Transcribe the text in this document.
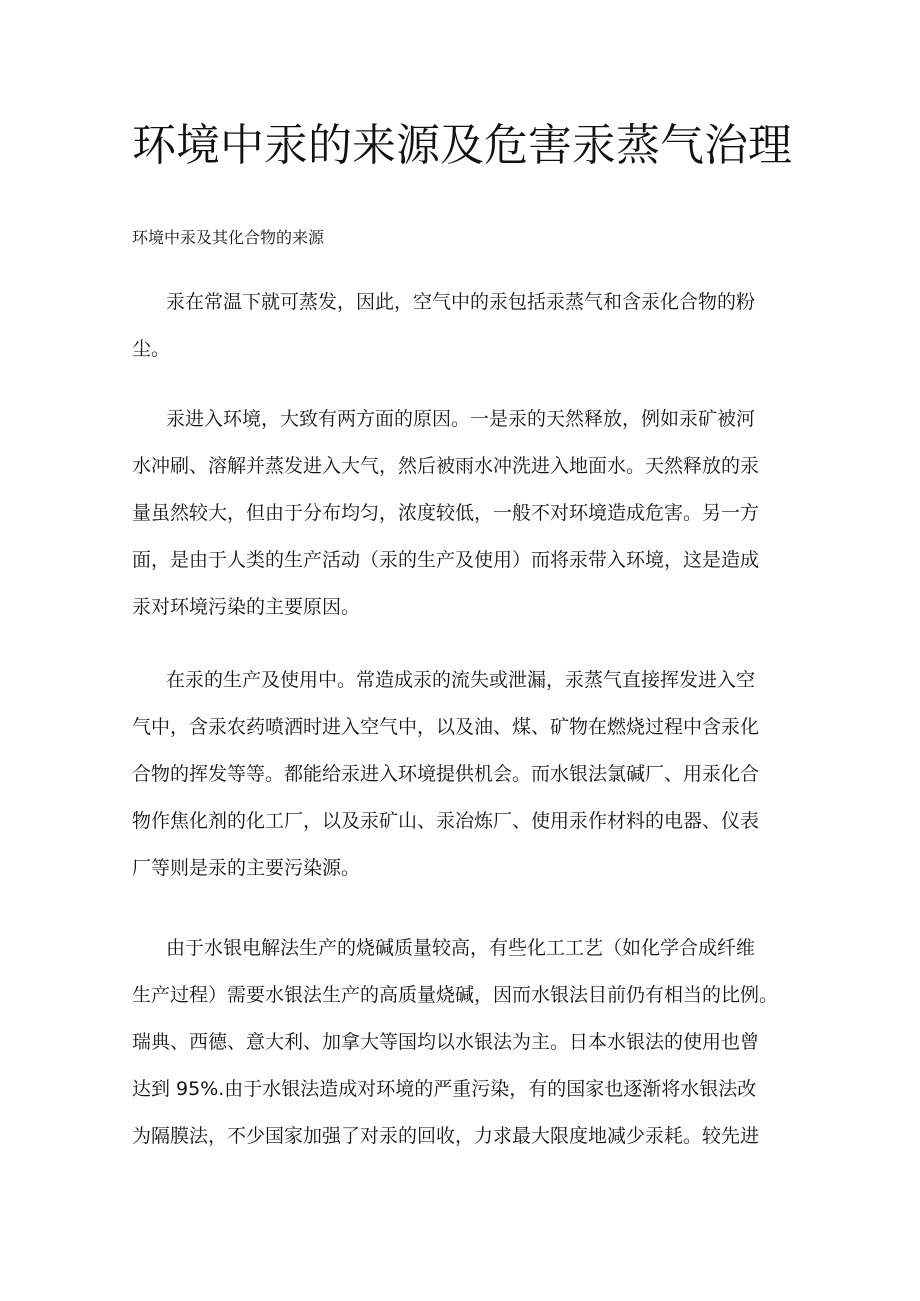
环境中汞的来源及危害汞蒸气治理

环境中汞及其化合物的来源

汞在常温下就可蒸发，因此，空气中的汞包括汞蒸气和含汞化合物的粉
尘。

汞进入环境，大致有两方面的原因。一是汞的天然释放，例如汞矿被河
水冲刷、溶解并蒸发进入大气，然后被雨水冲洗进入地面水。天然释放的汞
量虽然较大，但由于分布均匀，浓度较低，一般不对环境造成危害。另一方
面，是由于人类的生产活动（汞的生产及使用）而将汞带入环境，这是造成
汞对环境污染的主要原因。

在汞的生产及使用中。常造成汞的流失或泄漏，汞蒸气直接挥发进入空
气中，含汞农药喷洒时进入空气中，以及油、煤、矿物在燃烧过程中含汞化
合物的挥发等等。都能给汞进入环境提供机会。而水银法氯碱厂、用汞化合
物作焦化剂的化工厂，以及汞矿山、汞冶炼厂、使用汞作材料的电器、仪表
厂等则是汞的主要污染源。

由于水银电解法生产的烧碱质量较高，有些化工工艺（如化学合成纤维
生产过程）需要水银法生产的高质量烧碱，因而水银法目前仍有相当的比例。
瑞典、西德、意大利、加拿大等国均以水银法为主。日本水银法的使用也曾
达到 95%.由于水银法造成对环境的严重污染，有的国家也逐渐将水银法改
为隔膜法，不少国家加强了对汞的回收，力求最大限度地减少汞耗。较先进
